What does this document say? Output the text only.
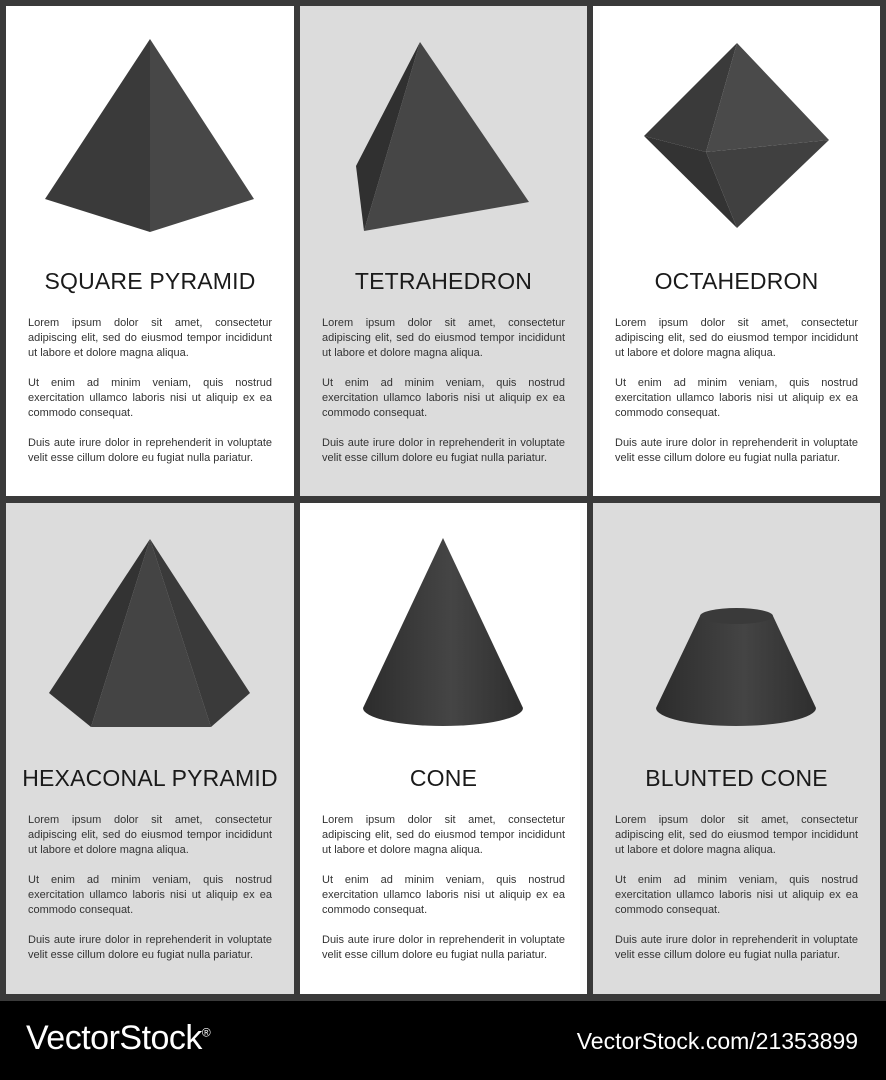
SQUARE PYRAMID

Lorem ipsum dolor sit amet, consectetur adipiscing elit, sed do eiusmod tempor incididunt ut labore et dolore magna aliqua.

Ut enim ad minim veniam, quis nostrud exercitation ullamco laboris nisi ut aliquip ex ea commodo consequat.

Duis aute irure dolor in reprehenderit in voluptate velit esse cillum dolore eu fugiat nulla pariatur.

TETRAHEDRON

Lorem ipsum dolor sit amet, consectetur adipiscing elit, sed do eiusmod tempor incididunt ut labore et dolore magna aliqua.

Ut enim ad minim veniam, quis nostrud exercitation ullamco laboris nisi ut aliquip ex ea commodo consequat.

Duis aute irure dolor in reprehenderit in voluptate velit esse cillum dolore eu fugiat nulla pariatur.

OCTAHEDRON

Lorem ipsum dolor sit amet, consectetur adipiscing elit, sed do eiusmod tempor incididunt ut labore et dolore magna aliqua.

Ut enim ad minim veniam, quis nostrud exercitation ullamco laboris nisi ut aliquip ex ea commodo consequat.

Duis aute irure dolor in reprehenderit in voluptate velit esse cillum dolore eu fugiat nulla pariatur.

HEXACONAL PYRAMID

Lorem ipsum dolor sit amet, consectetur adipiscing elit, sed do eiusmod tempor incididunt ut labore et dolore magna aliqua.

Ut enim ad minim veniam, quis nostrud exercitation ullamco laboris nisi ut aliquip ex ea commodo consequat.

Duis aute irure dolor in reprehenderit in voluptate velit esse cillum dolore eu fugiat nulla pariatur.

CONE

Lorem ipsum dolor sit amet, consectetur adipiscing elit, sed do eiusmod tempor incididunt ut labore et dolore magna aliqua.

Ut enim ad minim veniam, quis nostrud exercitation ullamco laboris nisi ut aliquip ex ea commodo consequat.

Duis aute irure dolor in reprehenderit in voluptate velit esse cillum dolore eu fugiat nulla pariatur.

BLUNTED CONE

Lorem ipsum dolor sit amet, consectetur adipiscing elit, sed do eiusmod tempor incididunt ut labore et dolore magna aliqua.

Ut enim ad minim veniam, quis nostrud exercitation ullamco laboris nisi ut aliquip ex ea commodo consequat.

Duis aute irure dolor in reprehenderit in voluptate velit esse cillum dolore eu fugiat nulla pariatur.

VectorStock®	VectorStock.com/21353899
